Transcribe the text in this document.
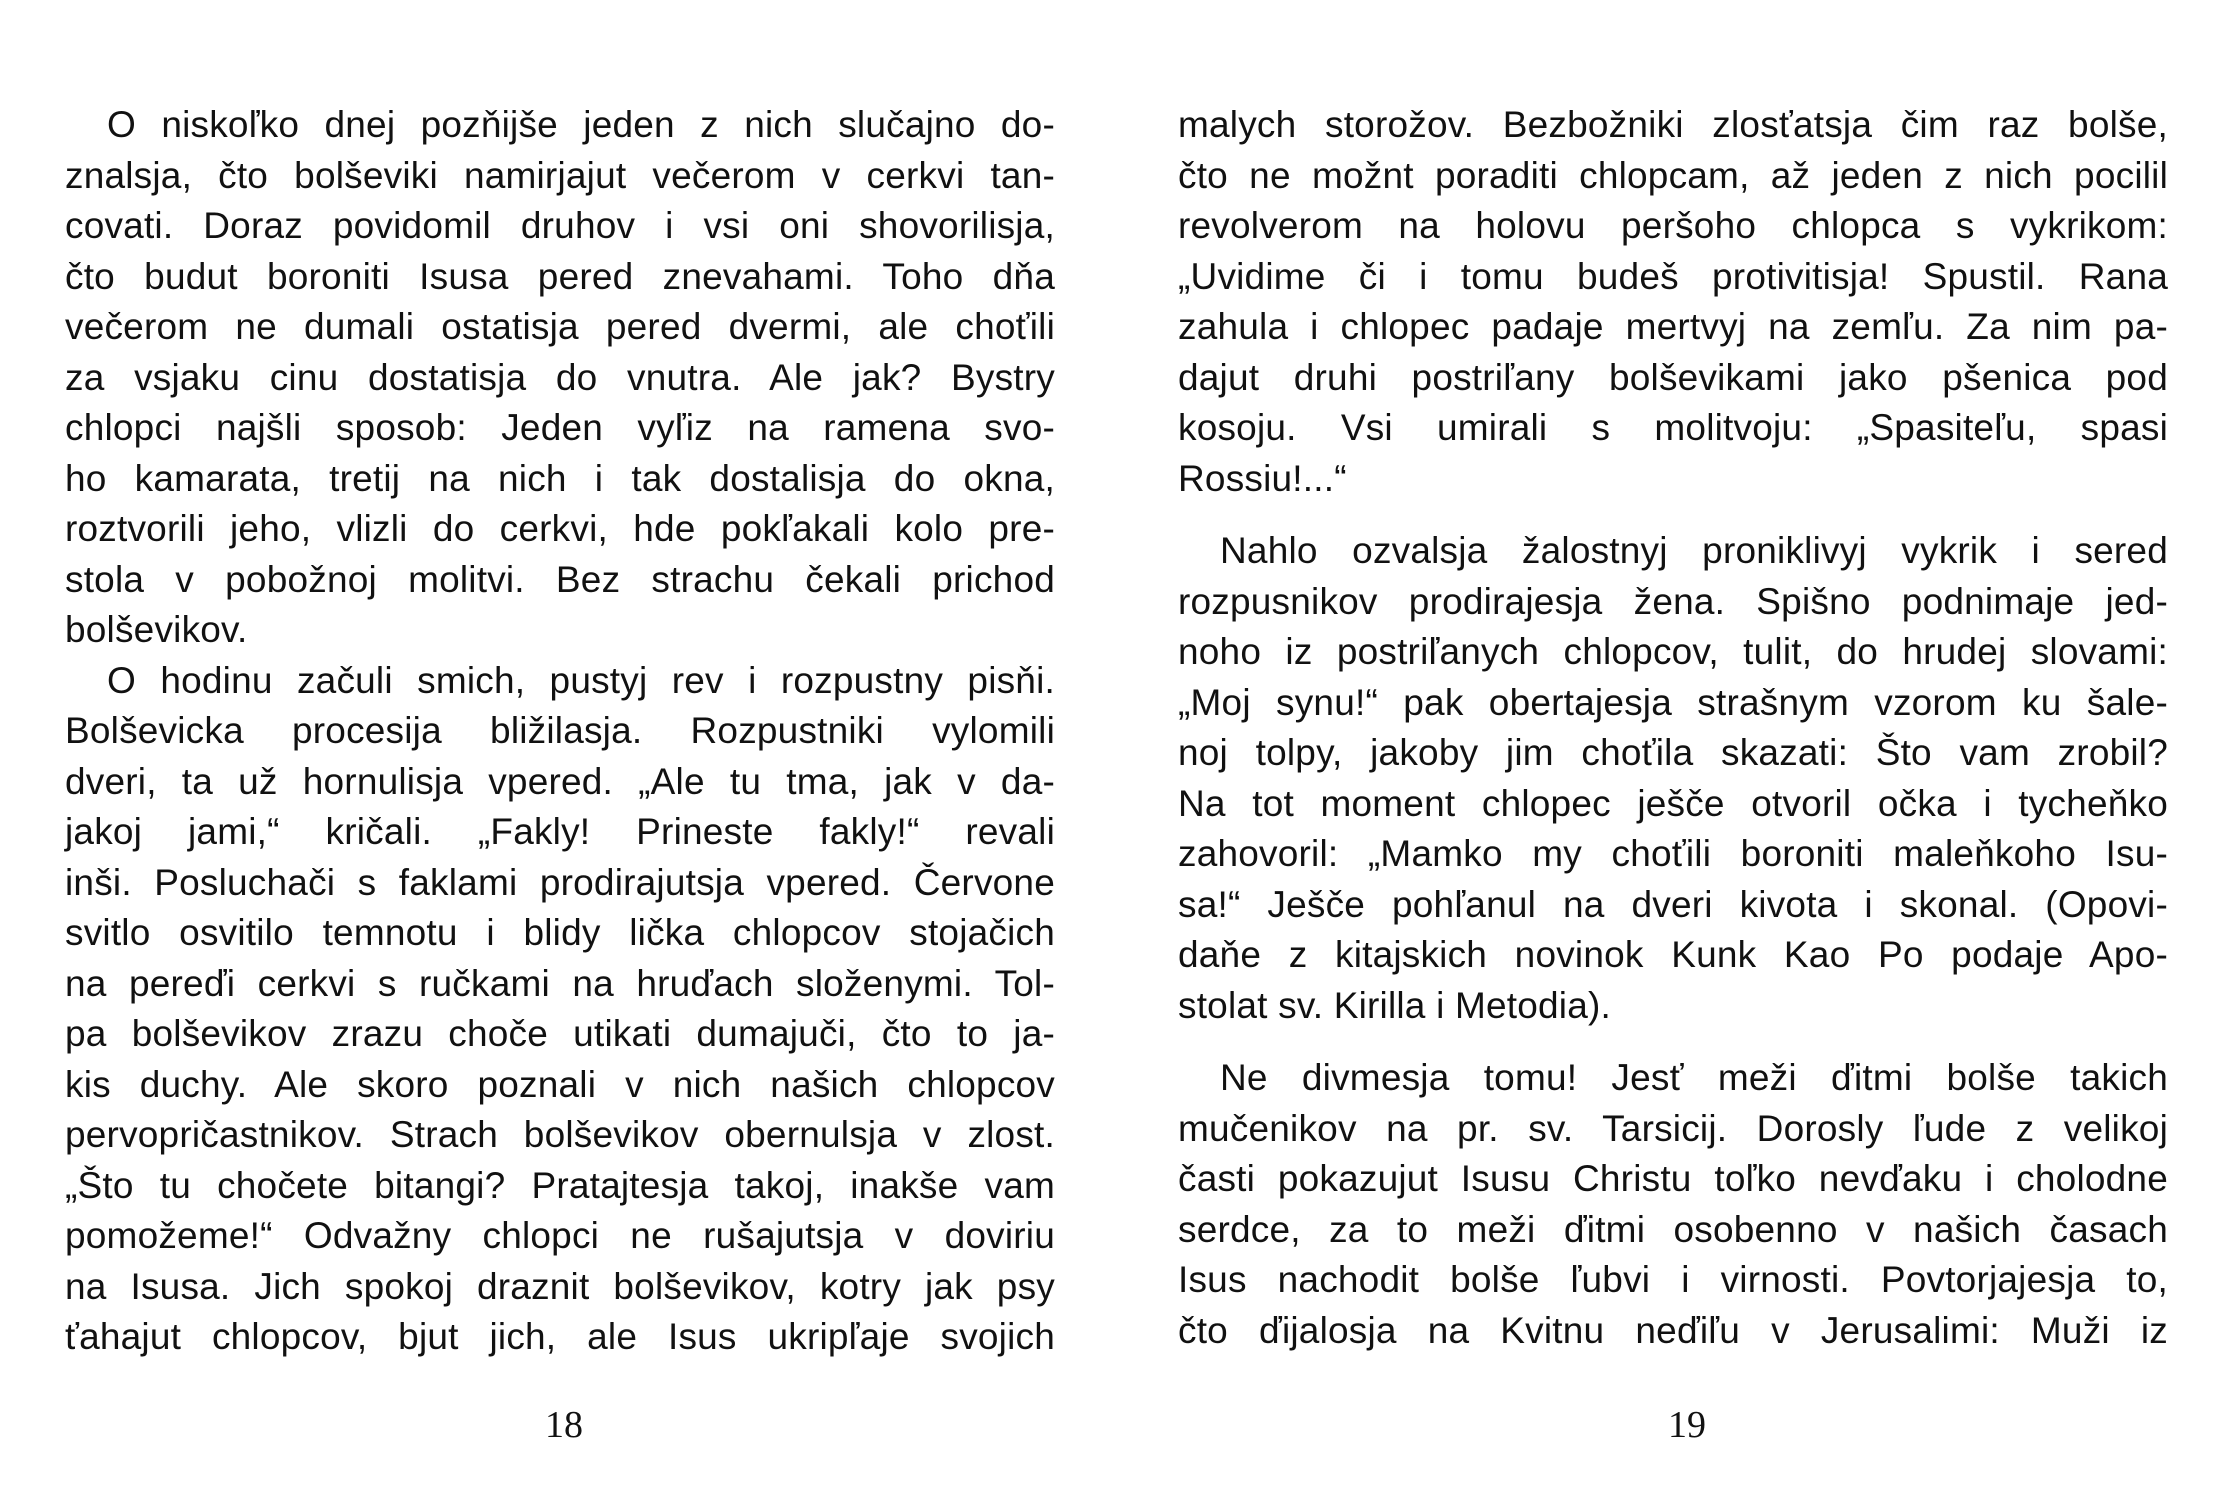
O niskoľko dnej pozňijše jeden z nich slučajno do-
znalsja, čto bolševiki namirjajut večerom v cerkvi tan-
covati. Doraz povidomil druhov i vsi oni shovorilisja,
čto budut boroniti Isusa pered znevahami. Toho dňa
večerom ne dumali ostatisja pered dvermi, ale choťili
za vsjaku cinu dostatisja do vnutra. Ale jak? Bystry
chlopci najšli sposob: Jeden vyľiz na ramena svo-
ho kamarata, tretij na nich i tak dostalisja do okna,
roztvorili jeho, vlizli do cerkvi, hde pokľakali kolo pre-
stola v pobožnoj molitvi. Bez strachu čekali prichod
bolševikov.
O hodinu začuli smich, pustyj rev i rozpustny pisňi.
Bolševicka procesija bližilasja. Rozpustniki vylomili
dveri, ta už hornulisja vpered. „Ale tu tma, jak v da-
jakoj jami,“ kričali. „Fakly! Prineste fakly!“ revali
inši. Posluchači s faklami prodirajutsja vpered. Červone
svitlo osvitilo temnotu i blidy lička chlopcov stojačich
na pereďi cerkvi s ručkami na hruďach složenymi. Tol-
pa bolševikov zrazu choče utikati dumajuči, čto to ja-
kis duchy. Ale skoro poznali v nich našich chlopcov
pervopričastnikov. Strach bolševikov obernulsja v zlost.
„Što tu chočete bitangi? Pratajtesja takoj, inakše vam
pomožeme!“ Odvažny chlopci ne rušajutsja v doviriu
na Isusa. Jich spokoj draznit bolševikov, kotry jak psy
ťahajut chlopcov, bjut jich, ale Isus ukripľaje svojich
18
malych storožov. Bezbožniki zlosťatsja čim raz bolše,
čto ne možnt poraditi chlopcam, až jeden z nich pocilil
revolverom na holovu peršoho chlopca s vykrikom:
„Uvidime či i tomu budeš protivitisja! Spustil. Rana
zahula i chlopec padaje mertvyj na zemľu. Za nim pa-
dajut druhi postriľany bolševikami jako pšenica pod
kosoju. Vsi umirali s molitvoju: „Spasiteľu, spasi
Rossiu!...“
Nahlo ozvalsja žalostnyj proniklivyj vykrik i sered
rozpusnikov prodirajesja žena. Spišno podnimaje jed-
noho iz postriľanych chlopcov, tulit, do hrudej slovami:
„Moj synu!“ pak obertajesja strašnym vzorom ku šale-
noj tolpy, jakoby jim choťila skazati: Što vam zrobil?
Na tot moment chlopec ješče otvoril očka i tycheňko
zahovoril: „Mamko my choťili boroniti maleňkoho Isu-
sa!“ Ješče pohľanul na dveri kivota i skonal. (Opovi-
daňe z kitajskich novinok Kunk Kao Po podaje Apo-
stolat sv. Kirilla i Metodia).
Ne divmesja tomu! Jesť meži ďitmi bolše takich
mučenikov na pr. sv. Tarsicij. Dorosly ľude z velikoj
časti pokazujut Isusu Christu toľko nevďaku i cholodne
serdce, za to meži ďitmi osobenno v našich časach
Isus nachodit bolše ľubvi i virnosti. Povtorjajesja to,
čto ďijalosja na Kvitnu neďiľu v Jerusalimi: Muži iz
19
